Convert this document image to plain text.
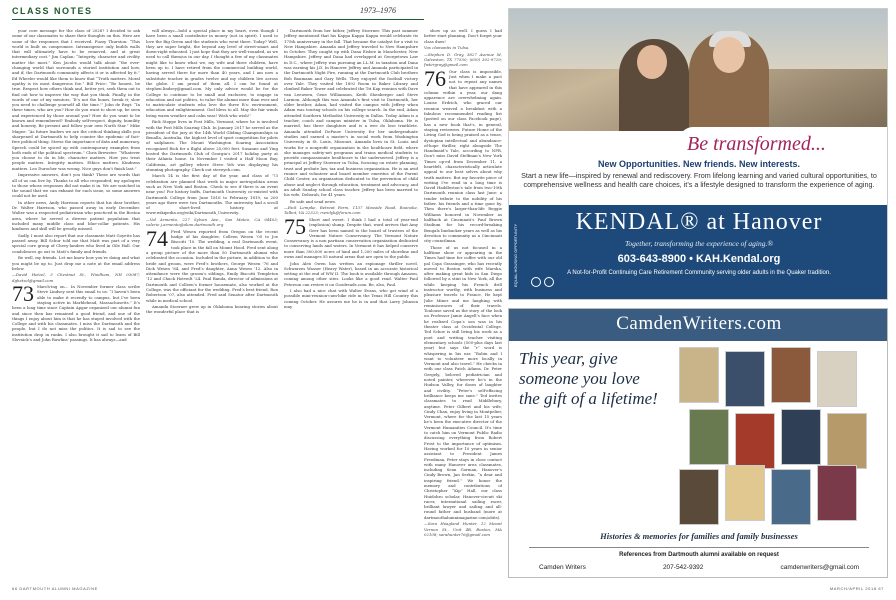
CLASS NOTES	1973–1976

your core message for the class of 2028? I decided to ask some of our classmates to share their thoughts on this. Here are some of the responses that I received. Fuzzy Thurston: “This world is built on compromise. Intransigence only builds walls that will ultimately have to be removed, and at great intermediary cost.” Jim Caplan: “Integrity, character and civility matter the most.” Ken Jacobs would talk about “the ever-changing world that surrounds a storied institution and how, and if, the Dartmouth community affects it or is affected by it.” Ed Wheeler would like them to know that “Truth matters. Moral apathy is its most dangerous foe.” Bill Price: “Be honest, be true. Respect how others think and, better yet, seek them out to find out how to improve the way that you think. Finally, in the words of one of my mentors, ‘It’s not the boxes, break it; slow you need to challenge yourself all the time.’” John de Regt: “In these times, who are you? How do you want to show up, be seen and experienced by those around you? How do you want to be known and remembered? Embody self-respect, dignity, humility and honesty. Be present and follow your own North Star.” Mike Magee: “As future leaders we are the critical thinking skills you sharpened at Dartmouth to help counter the epidemic of fact-free political thing. Stress the importance of data and numeracy. Speech could be spiced up with contemporary examples from both ends of the political spectrum.” Chris Brewster: “Whatever you choose to do in life, character matters. How you treat people matters. Integrity matters. Ethics matters. Kindness matters. Leo Durocher was wrong. Nice guys don’t finish last.”

Impressive answers, don’t you think? These are words that all of us can live by. Thanks to all who responded; my apologies to those whose responses did not make it in. We are watched in the sound that we can exhaust for each issue, so some answers could not be used.

In other news, Andy Harrison reports that his dear brother, Dr. Walter Harrison, who passed away in early December. Walter was a respected pediatrician who practiced in the Boston area, where he served a diverse patient population that included many middle class and blue-collar patients. His kindness and skill will be greatly missed.

Sadly, I must also report that our classmate Matt Goyette has passed away. Bill Schur told me that Matt was part of a very special core group of Chevy-landers who lived in Gile Hall. Our condolences go out to Matt’s family and friends.

Be well, my friends. Let me know how you’re doing and what you might be up to. Just drop me a note at the email address below.

—David Hetzel, 3 Chestnut St., Windham, NH 03087; dghetzel@gmail.com

73 March-ing on… In November former class scribe Steve Lindsey sent this email to us: “I haven’t been able to make it recently to campus, but I’ve been staying active in Marblehead, Massachusetts.” It’s been a long time since Captain Apgar organized our alumni fun and since then has remained a good friend, and one of the things I enjoy about him is that he has stayed involved with the College and with his classmates. I miss the Dartmouth and the people, but I do not miss the politics. It is sad to see the institution drop in ranks. I also brought it sad to learn of Bill Slovnick’s and John Rawlins’ passings. It has always—and

will always—hold a special place in my heart, even though I have been a small contributor in money (not in spirit). I used to love the Big Green and the students who went there. Today? Well, they are super bright, the beyond any level of street-smart and down-right educated. I just hope that they are well-rounded, as we used to call them/us in our day. I thought a few of my classmates might like to know what we, my wife and three children, have been up to. I have retired from the commercial building world, having served there for more than 40 years, and I am now a substitute teacher in grades twelve and my children live across the globe. I am proud of them all. I can be found at stephen.lindsey@gmail.com. My only advice would be for the College to continue to be small and exclusive, to engage in education and not politics, to value the alumni more than ever and to matriculate students who love the three R’s: environment, education and enlightenment. God bless to all. May the fair winds bring warm weather and calm seas! Wish who wish!”

Rick Stoppe lives in Post Mills, Vermont, where he is involved with the Post Mills Soaring Club. In January 2017 he served as the president of the jury at the 14th World Gliding Championships in Benalla, Australia, the highest level of sport competition for pilots of sailplanes. The Mount Washington Soaring Association recognized Rick for a flight above 25,000 feet. Susanne and Ying hosted the Dartmouth Club of Georgia’s 2017 holiday party at their Atlanta home. In November I visited a Half Moon Bay, California, art gallery where Steve Yeh was displaying his stunning photography. Check out steveyeh.com.

March 14 is the first day of the year, and class of ’73 celebration are planned that week in major metropolitan areas such as New York and Boston. Check to see if there is an event near you! For history buffs, Dartmouth University co-existed with Dartmouth College from June 1816 to February 1819, so 200 years ago there were two Dartmouths. The university had a scroll of short-lived history, at www.wikipedia.org/wiki/Dartmouth_University.

—Val Armento, 227 Sylvan Ave., San Mateo, CA 94403; valerie.j.armento@alum.dartmouth.org

74 Fred Wesen reported from Oregon on the recent badge of his daughter, Colleen Wesen ’05 to Joe Biscotti ’10. The wedding, a real Dartmouth event, took place in the fall on Mount Hood. Fred sent along a group picture of the more than 50 Dartmouth alumni who celebrated the occasion. Included in the picture, in addition to the bride and groom, were Fred’s brothers, George Wesen ’76 and Dick Wesen ’84, and Fred’s daughter, Anna Wesen ’12. Also in attendance were the groom’s siblings, Emily Biscotti Templeton ’12 and Chuck Hotvedt ’24. Paul Banda, director of admissions at Dartmouth and Colleen’s former housemate, also worked at the College, was the officiant for the wedding. Fred’s best friend, Ron Robertson ’07, also attended. Fred said Senator after Dartmouth while in medical school.

Amanda Stoerner grew up in Oklahoma hearing stories about the wonderful place that is

Dartmouth from her father, Jeffrey Stoerner. This past summer Jeffrey mentioned that his Kappa Kappa Kappa would celebrate its 175th anniversary in the fall. That became the catalyst for a visit to New Hampshire. Amanda and Jeffrey traveled to New Hampshire in October. They caught up with Dana Eisbee in Manchester, New Hampshire. Jeffrey and Dana had overlapped at Georgetown Law in D.C., where Jeffrey was pursuing an LL.M. in taxation and Dana was earning his J.D. In Hanover Jeffrey and Amanda participated in the Dartmouth Night Fire, running at the Dartmouth Club brothers Bob Baumann and Gary Wells. They enjoyed the football victory over Yale. They visited the 1892 Room in Baker Library and climbed Baker Tower and celebrated the Tri Kap reunion with Dave van Leeuwen, Gene Williamson, Keith Shenberger and Steve Larmon. Although this was Amanda’s first visit to Dartmouth, her older brother, Adam, had visited the campus with Jeffrey when Adam was touring schools on his college search. In the end, Adam attended Southern Methodist University in Dallas. Today Adam is a teacher, coach and campus minister in Tulsa, Oklahoma. He is married, has three daughters and is a wee do lose triathlete. Amanda attended DePauw University for her undergraduate studies and earned a master’s in social work from Washington University in St. Louis, Missouri. Amanda lives in St. Louis and works for a nonprofit organization in the healthcare field, where she manages safety-net programs and trains medical students to provide compassionate healthcare to the underserved. Jeffrey is a principal at Jeffrey Stoerner in Tulsa, focusing on estate planning, trust and probate law, tax and business organization. He is an avid runner and volunteer and board member emeritus of the Parent Child Center, an organization dedicated to the prevention of child abuse and neglect through education, treatment and advocacy, and an adult Sunday school class teacher. Jeffrey has been married to his wife, Deborah, for 41 years.

Be safe and send news.

—Rick Lempke, Retreat Farm, 1137 Mosside Road, Roanoke, Talbot, VA 22323; rwrelyk@forum.com

75 Short and sweet. I think I had a total of year-end (explosion) slump. Despite that, word arrives that Amy Geer has been named to the board of trustees of the Vermont Nature Conservancy. The Vermont Nature Conservancy is a non partisan conservation organization dedicated to conserving lands and waters. In Vermont it has helped conserve more than 300,000 acres of land and 1,200 miles of shoreline and owns and manages 55 natural areas that are open to the public.

John Alex Owen has written an espionage thriller novel, Schwarzes Wasser (Heavy Water), based in an accurate historical setting at the end of WW II. The book is available through Amazon, coming among other sites. Looks like a good read. Walter Paul Peterson can review it on Goodreads.com. Be, also, Paul.

I also had a nice chat with Walter Evans, who got wind of a possible mini-reunion-cum-bike ride in the Texas Hill Country this coming October. He assures me he is in and that Larry Johnson may

show up as well. I guess I had better start planning. Don’t forget your class dues!

Vox clamantis in Tulsa.

—Stephen D. Gray, 3827 Avenue M, Galveston, TX 77550; (650) 302-9729; fwtergray@gmail.com

76 Our class is impossible, Just when I make a pact not to repeat any names that have appeared in this column within a year, our dang apparence are overwhelming again. Louise Erdrich, who graced our reunion weaved a breakfast with a fabulous recommended reading list (posted on our class Facebook page), has a new book that’s, in general, staying reviewers. Future Home of the Living God is being praised as a tense, dystopian intellectual and abundance-of-hope thriller, right alongside The Handmaid’s Tale, according to NPR. Don’t miss David Stelfman’s New York Times op-ed from December 11, a heartfelt, characteristically articulate appeal to our best selves about why truth matters. But my favorite piece of writing I’ve read in a long time is David Haddleston’s tale from two-10th Dartmouth reunion class last June: a tender tribute to the nobility of his father, his friends and a time gone by. Then there’s larger-than-life Reggie Williams honored in November as halfback at Cincinnati’s Paul Brown Stadium for his record-breaking Bengals linebacker years as well as his devotion to community as a Cincinnati city councilman.

Those of us not focused in a halftime show or appearing in the Times had time for coffee with our old pal Copa Grassinger, who has recently moved to Boston with wife Marsha, after making great kids in San Diego followed by a stint in New York, all the while keeping his French drill instructor worthy, with business and pleasure travels to France. He kept Julie Miner and me laughing with reminiscences of their travels. Toulouse saved as the story of the look on Professor Jamie Angell’s face when he realized Copa’s son was in his theater class at Occidental College. Ted Schoe is still living his work as a poet and writing teacher visiting elementary schools (500-plus days last year) but says the “r” word is whispering in his ear. “Robin and I want to volunteer more locally in Vermont and also travel.” He checks in with our class Patch Adams, Dr. Peter Gergely, beloved pediatrician and noted painter, wherever he’s in the Hudson Valley, for doses of laughter and civility. “Peter’s self-effacing brilliance keeps me sane.” Ted invites classmates to read Middlebury, anytime. Peter Gilbert and his wife, Cindy Chan, enjoy living in Montpelier, Vermont, where for the last 15 years he’s been the executive director of the Vermont Humanities Council. It’s time to catch him on Vermont Public Radio discussing everything from Robert Frost to the importance of optimism. Having worked for 10 years in senior assistant to President James Freedman, Peter stays in close contact with many Hanover area classmates, including Sean Gorman, Hanover’s Cindy Brown, Jan Serkin, “a dear and inspiring friend.” We honor the memory and contributions of Christopher “Kip” Hall, our class Huidobro scholar, Hanover-circuit ski racer, international sailing racer, brilliant lawyer and sailing and all-round father and husband (more at dartmouthalumnimagazine.com/obits).

—Sara Hoagland Hunter, 12 Mount Vernon St., Unit 4B, Boston, MA 02108; sarahunter76@gmail.com

Be transformed...
New Opportunities. New friends. New interests.
Start a new life—inspired by renewal and rediscovery. From lifelong learning and varied cultural opportunities, to comprehensive wellness and health care choices, it’s a lifestyle designed to transform the experience of aging.
EQUAL HOUSING OPPORTUNITY
KENDAL® at Hanover
Together, transforming the experience of aging.®
603-643-8900 • KAH.Kendal.org
A Not-for-Profit Continuing Care Retirement Community serving older adults in the Quaker tradition.
CamdenWriters.com
This year, give someone you love the gift of a lifetime!
Histories & memories for families and family businesses
References from Dartmouth alumni available on request
Camden Writers	207-542-9392	camdenwriters@gmail.com
66 DARTMOUTH ALUMNI MAGAZINE	MARCH/APRIL 2018 67
